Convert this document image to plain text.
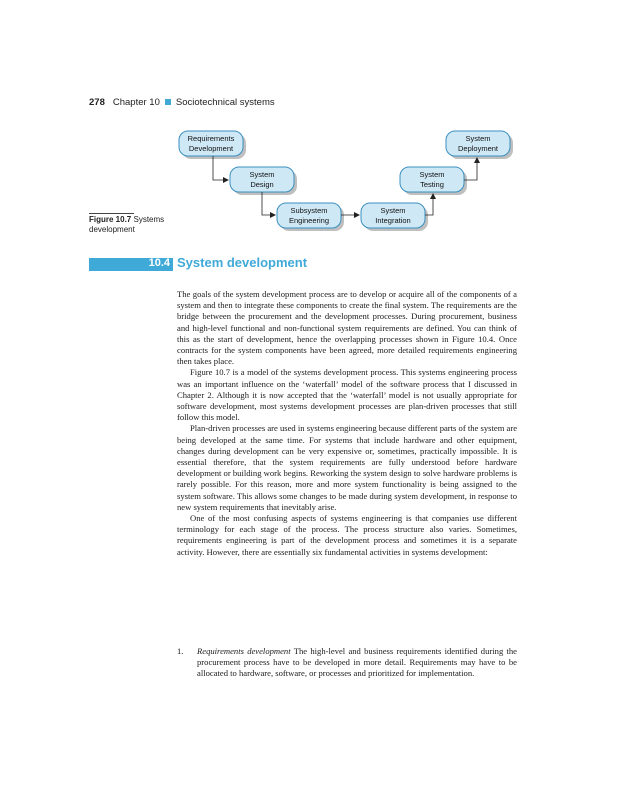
278 Chapter 10 Sociotechnical systems
Requirements
Development
System
Design
Subsystem
Engineering
System
Integration
System
Testing
System
Deployment
Figure 10.7 Systems development
10.4 System development

The goals of the system development process are to develop or acquire all of the components of a system and then to integrate these components to create the final system. The requirements are the bridge between the procurement and the development processes. During procurement, business and high-level functional and non-functional system requirements are defined. You can think of this as the start of development, hence the overlapping processes shown in Figure 10.4. Once contracts for the system components have been agreed, more detailed requirements engineering then takes place.

Figure 10.7 is a model of the systems development process. This systems engineering process was an important influence on the ‘waterfall’ model of the software process that I discussed in Chapter 2. Although it is now accepted that the ‘waterfall’ model is not usually appropriate for software development, most systems development processes are plan-driven processes that still follow this model.

Plan-driven processes are used in systems engineering because different parts of the system are being developed at the same time. For systems that include hardware and other equipment, changes during development can be very expensive or, sometimes, practically impossible. It is essential therefore, that the system requirements are fully understood before hardware development or building work begins. Reworking the system design to solve hardware problems is rarely possible. For this reason, more and more system functionality is being assigned to the system software. This allows some changes to be made during system development, in response to new system requirements that inevitably arise.

One of the most confusing aspects of systems engineering is that companies use different terminology for each stage of the process. The process structure also varies. Sometimes, requirements engineering is part of the development process and sometimes it is a separate activity. However, there are essentially six fundamental activities in systems development:

1. Requirements development The high-level and business requirements identified during the procurement process have to be developed in more detail. Requirements may have to be allocated to hardware, software, or processes and prioritized for implementation.
